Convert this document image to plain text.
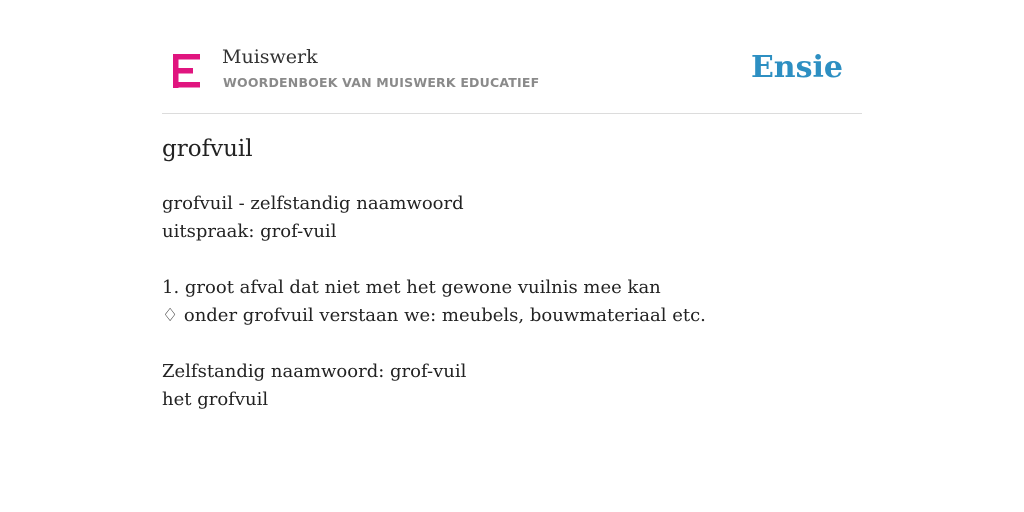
Muiswerk
WOORDENBOEK VAN MUISWERK EDUCATIEF	Ensie
grofvuil
grofvuil - zelfstandig naamwoord
uitspraak: grof-vuil
1. groot afval dat niet met het gewone vuilnis mee kan
♢ onder grofvuil verstaan we: meubels, bouwmateriaal etc.
Zelfstandig naamwoord: grof-vuil
het grofvuil
